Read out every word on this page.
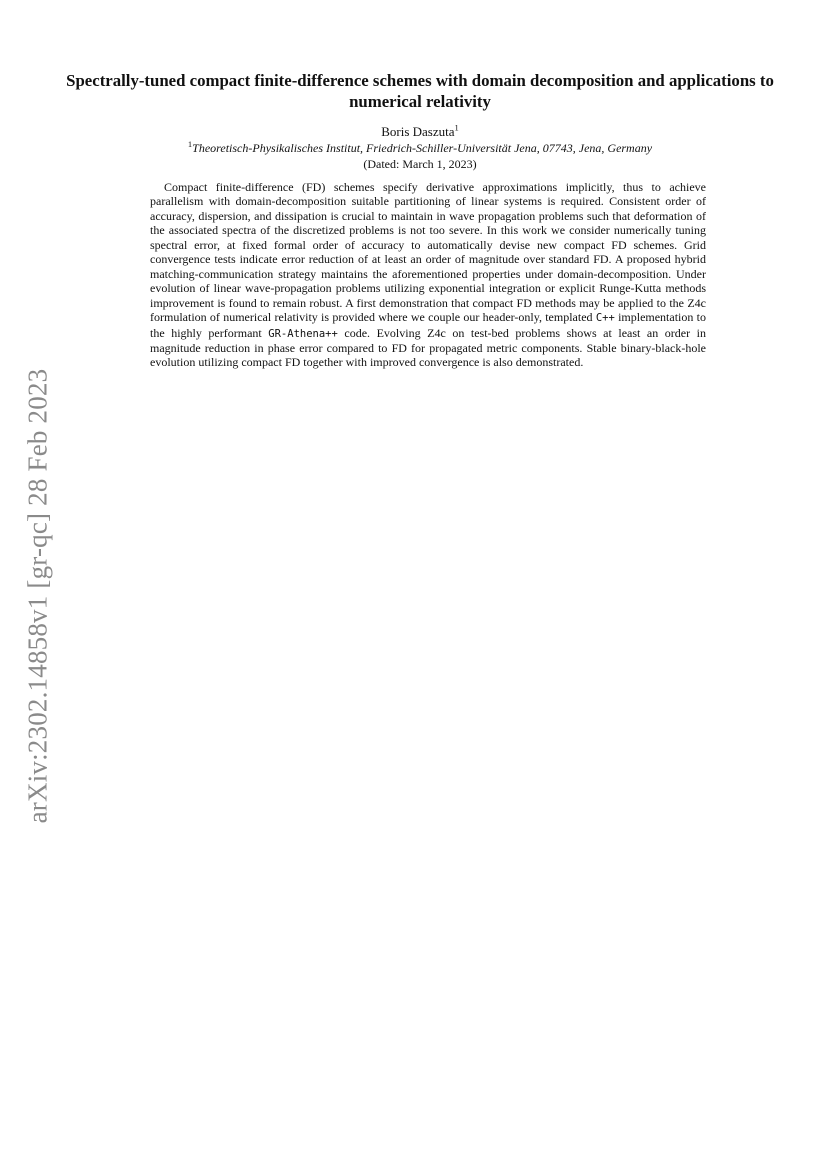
arXiv:2302.14858v1 [gr-qc] 28 Feb 2023
Spectrally-tuned compact finite-difference schemes with domain decomposition and applications to numerical relativity
Boris Daszuta$^1$
$^1$Theoretisch-Physikalisches Institut, Friedrich-Schiller-Universität Jena, 07743, Jena, Germany
(Dated: March 1, 2023)

Compact finite-difference (FD) schemes specify derivative approximations implicitly, thus to achieve parallelism with domain-decomposition suitable partitioning of linear systems is required. Consistent order of accuracy, dispersion, and dissipation is crucial to maintain in wave propagation problems such that deformation of the associated spectra of the discretized problems is not too severe. In this work we consider numerically tuning spectral error, at fixed formal order of accuracy to automatically devise new compact FD schemes. Grid convergence tests indicate error reduction of at least an order of magnitude over standard FD. A proposed hybrid matching-communication strategy maintains the aforementioned properties under domain-decomposition. Under evolution of linear wave-propagation problems utilizing exponential integration or explicit Runge-Kutta methods improvement is found to remain robust. A first demonstration that compact FD methods may be applied to the Z4c formulation of numerical relativity is provided where we couple our header-only, templated C++ implementation to the highly performant GR-Athena++ code. Evolving Z4c on test-bed problems shows at least an order in magnitude reduction in phase error compared to FD for propagated metric components. Stable binary-black-hole evolution utilizing compact FD together with improved convergence is also demonstrated.
